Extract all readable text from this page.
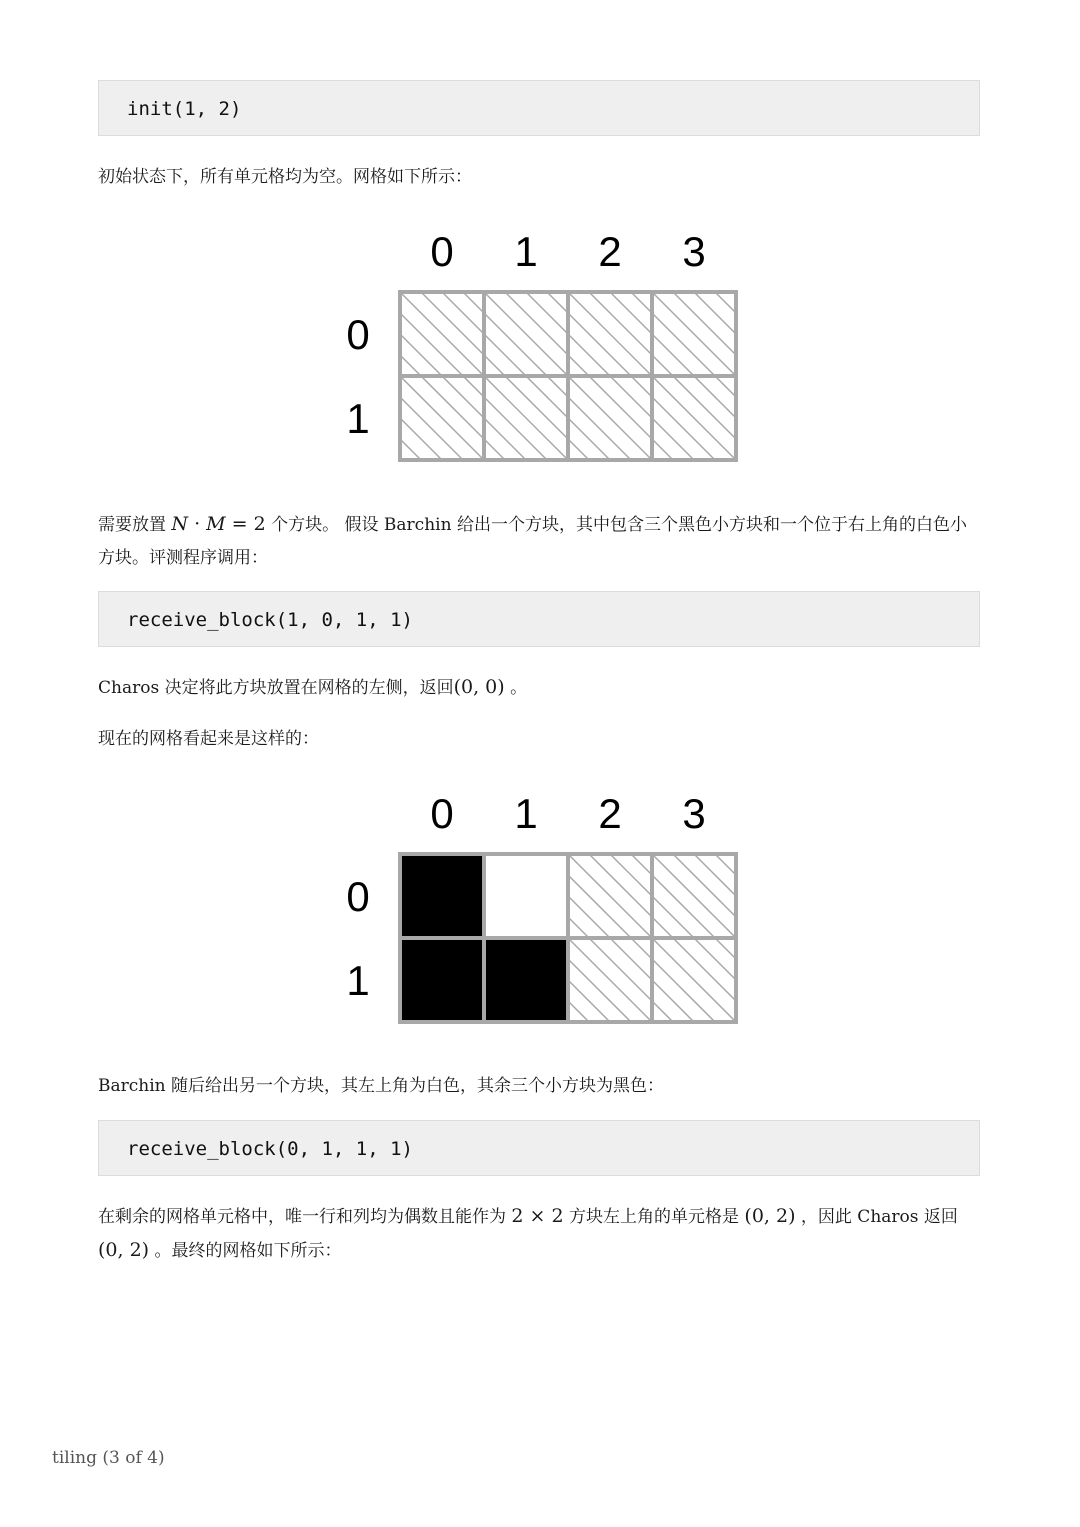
init(1, 2)
初始状态下，所有单元格均为空。网格如下所示：
0 1 2 3
0
1
需要放置 N · M = 2 个方块。 假设 Barchin 给出一个方块，其中包含三个黑色小方块和一个位于右上角的白色小方块。评测程序调用：
receive_block(1, 0, 1, 1)
Charos 决定将此方块放置在网格的左侧，返回(0, 0) 。
现在的网格看起来是这样的：
0 1 2 3
0
1
Barchin 随后给出另一个方块，其左上角为白色，其余三个小方块为黑色：
receive_block(0, 1, 1, 1)
在剩余的网格单元格中，唯一行和列均为偶数且能作为 2 × 2 方块左上角的单元格是 (0, 2) ，因此 Charos 返回 (0, 2) 。最终的网格如下所示：
tiling (3 of 4)
